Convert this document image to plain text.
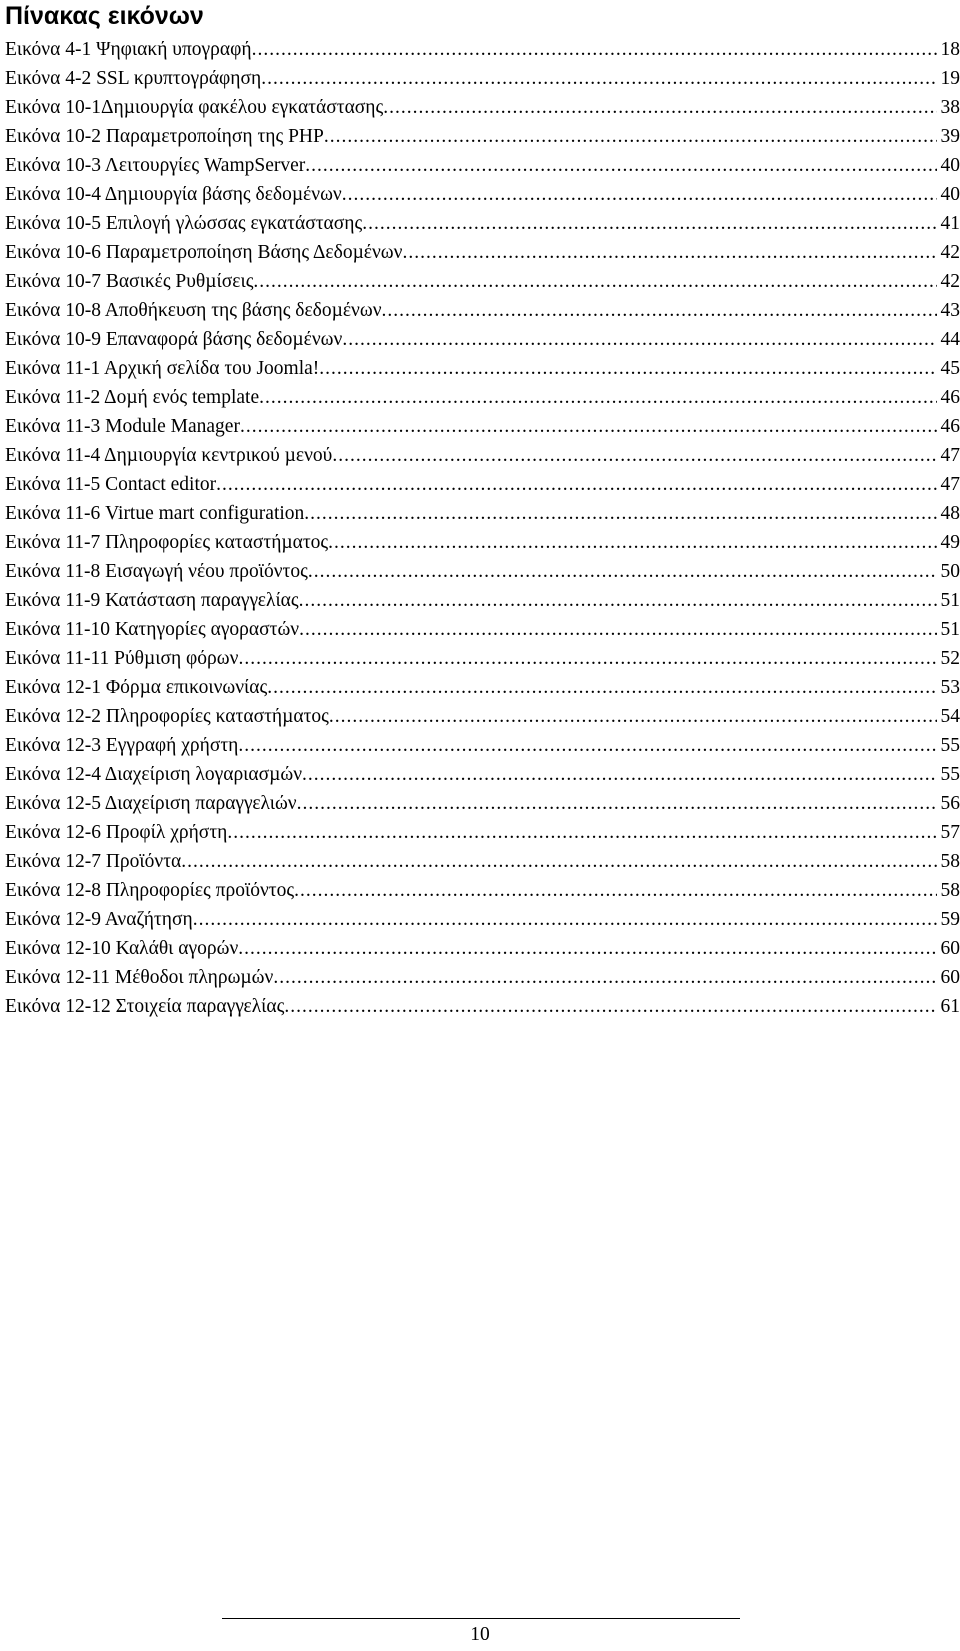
Πίνακας εικόνων
Εικόνα 4-1 Ψηφιακή υπογραφή .....	18
Εικόνα 4-2 SSL κρυπτογράφηση .....	19
Εικόνα 10-1Δηµιουργία φακέλου εγκατάστασης .....	38
Εικόνα 10-2 Παραµετροποίηση της PHP .....	39
Εικόνα 10-3 Λειτουργίες WampServer .....	40
Εικόνα 10-4 Δηµιουργία βάσης δεδοµένων .....	40
Εικόνα 10-5 Επιλογή γλώσσας εγκατάστασης .....	41
Εικόνα 10-6 Παραµετροποίηση Βάσης Δεδοµένων .....	42
Εικόνα 10-7 Βασικές Ρυθµίσεις .....	42
Εικόνα 10-8 Αποθήκευση της βάσης δεδοµένων .....	43
Εικόνα 10-9 Επαναφορά βάσης δεδοµένων .....	44
Εικόνα 11-1 Αρχική σελίδα του Joomla! .....	45
Εικόνα 11-2 Δοµή ενός template .....	46
Εικόνα 11-3 Module Manager .....	46
Εικόνα 11-4 Δηµιουργία κεντρικού µενού .....	47
Εικόνα 11-5 Contact editor .....	47
Εικόνα 11-6 Virtue mart configuration .....	48
Εικόνα 11-7 Πληροφορίες καταστήµατος .....	49
Εικόνα 11-8 Εισαγωγή νέου προϊόντος .....	50
Εικόνα 11-9 Κατάσταση παραγγελίας .....	51
Εικόνα 11-10 Κατηγορίες αγοραστών .....	51
Εικόνα 11-11 Ρύθµιση φόρων .....	52
Εικόνα 12-1 Φόρµα επικοινωνίας .....	53
Εικόνα 12-2 Πληροφορίες καταστήµατος .....	54
Εικόνα 12-3 Εγγραφή χρήστη .....	55
Εικόνα 12-4 Διαχείριση λογαριασµών .....	55
Εικόνα 12-5 Διαχείριση παραγγελιών .....	56
Εικόνα 12-6 Προφίλ χρήστη .....	57
Εικόνα 12-7 Προϊόντα .....	58
Εικόνα 12-8 Πληροφορίες προϊόντος .....	58
Εικόνα 12-9 Αναζήτηση .....	59
Εικόνα 12-10 Καλάθι αγορών .....	60
Εικόνα 12-11 Μέθοδοι πληρωµών .....	60
Εικόνα 12-12 Στοιχεία παραγγελίας .....	61
10
